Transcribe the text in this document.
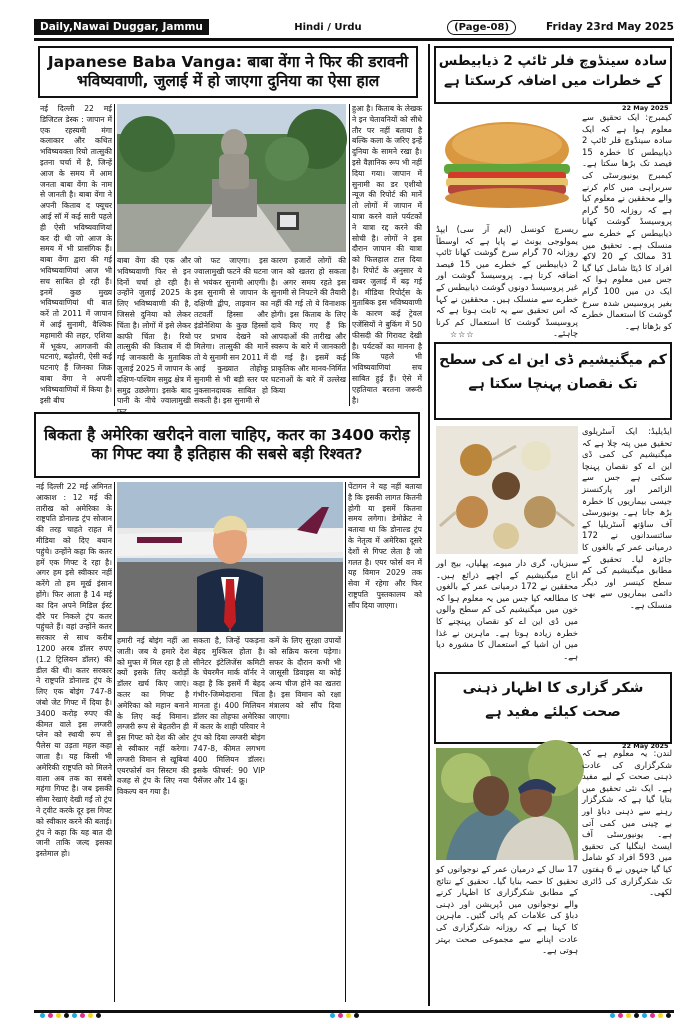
Daily,Nawai Duggar, Jammu	Hindi / Urdu	(Page-08)	Friday 23rd May 2025
Japanese Baba Vanga: बाबा वेंगा ने फिर की डरावनी भविष्यवाणी, जुलाई में हो जाएगा दुनिया का ऐसा हाल
नई दिल्ली 22 मई डिजिटल डेस्क : जापान में एक रहस्यमी मंगा कलाकार और कथित भविष्यवक्ता रियो तात्सुकी इतना चर्चा में है, जिन्हें आज के समय में आम जनता बाबा वेंगा के नाम से जानती है। बाबा वेंगा ने अपनी किताब द फ्यूचर आई सॉ में कई सारी पहले ही ऐसी भविष्यवाणियां कर दी थी जो आज के समय में भी प्रासंगिक हैं। बाबा वेंगा द्वारा की गई भविष्यवाणियां आज भी सच साबित हो रही हैं। इनमें कुछ मुख्य भविष्यवाणियां थी बात करें तो 2011 में जापान में आई सुनामी, वैश्विक महामारी की लहर, एशिया में भूकंप, आगजनी की घटनाएं, बढ़ोतरी, ऐसी कई घटनाएं हैं जिनका जिक्र बाबा वेंगा ने अपनी भविष्यवाणियों में किया है। इसी बीच
बाबा वेंगा की एक और भविष्यवाणी फिर से इन दिनों चर्चा हो रही है। उन्होंने जुलाई 2025 के लिए भविष्यवाणी की है, जिससे दुनिया को लेकर चिंता है। लोगों में इसे लेकर काफी चिंता है। रियो तात्सुकी की किताब में दी गई जानकारी के मुताबिक जुलाई 2025 में जापान के दक्षिण-पश्चिम समुद्र क्षेत्र में समुद्र उछलेगा। इसके बाद पानी के नीचे ज्वालामुखी फट
जो फट जाएगा। इस ज्वालामुखी फटने की घटना से भयंकर सुनामी आएगी। इस सुनामी से जापान के दक्षिणी द्वीप, ताइवान का तटवर्ती हिस्सा और इंडोनेशिया के कुछ हिस्सों पर प्रभाव देखने को मिलेगा। तात्सुकी की मानें तो ये सुनामी सन 2011 में आई कुख्यात तोहोकू सुनामी से भी बड़ी स्तर पर नुकसानदायक साबित हो सकती है। इस सुनामी से
कारण हजारों लोगों की जान को खतरा हो सकता है। अगर समय रहते इस सुनामी से निपटने की तैयारी नहीं की गई तो ये विनाशक होगी। इस किताब के लिए दावे किए गए हैं कि आपदाओं की तारीख और स्वरूप के बारे में जानकारी दी गई है। इसमें कई प्राकृतिक और मानव-निर्मित घटनाओं के बारे में उल्लेख किया
हुआ है। किताब के लेखक ने इन चेतावनियों को सीधे तौर पर नहीं बताया है बल्कि कला के जरिए इन्हें दुनिया के सामने रखा है। इसे वैज्ञानिक रूप भी नहीं दिया गया। जापान में सुनामी का डर एशीयो न्यूज की रिपोर्ट की मानें तो लोगों में जापान में यात्रा करने वाले पर्यटकों ने यात्रा रद्द करने की सोची है। लोगों ने इस दौरान जापान की यात्रा को फिलहाल टाल दिया है। रिपोर्ट के अनुसार ये खबर जुलाई में बढ़ गई है। मीडिया रिपोर्ट्स के मुताबिक इस भविष्यवाणी के कारण कई ट्रेवल एजेंसियों ने बुकिंग में 50 फीसदी की गिरावट देखी है। पर्यटकों का मानना है कि पहले भी भविष्यवाणियां सच साबित हुई हैं। ऐसे में एहतियात बरतना जरूरी है।
बिकता है अमेरिका खरीदने वाला चाहिए, कतर का 3400 करोड़ का गिफ्ट क्या है इतिहास की सबसे बड़ी रिश्वत?
नई दिल्ली 22 मई अमिनत आकाश : 12 मई की तारीख को अमेरिका के राष्ट्रपति डोनाल्ड ट्रंप सोजान की तरह चाहते राहत में मीडिया को दिए बयान पहुंचे। उन्होंने कहा कि कतर हमें एक गिफ्ट दे रहा है। अगर हम इसे स्वीकार नहीं करेंगे तो हम मूर्ख इंसान होंगे। फिर आता है 14 मई का दिन अपने मिडिल ईस्ट दौरे पर निकले ट्रंप कतर पहुंचते हैं। वहां उन्होंने कतर सरकार से साथ करीब 1200 अरब डॉलर रुपए (1.2 ट्रिलियन डॉलर) की डील की थी। कतर सरकार ने राष्ट्रपति डोनाल्ड ट्रंप के लिए एक बोइंग 747-8 जंबो जेट गिफ्ट में दिया है। 3400 करोड़ रुपए की कीमत वाले इस लग्जरी प्लेन को स्थायी रूप से पैलेस या उड़ता महल कहा जाता है। यह किसी भी अमेरिकी राष्ट्रपति को मिलने वाला अब तक का सबसे महंगा गिफ्ट है। जब इसकी सीमा रेखाएं देखी गईं तो ट्रंप ने ट्वीट करके दूर इस गिफ्ट को स्वीकार करने की बताई। ट्रंप ने कहा कि यह बात दी जानी ताकि जल्द इसका इस्तेमाल हो।
हमारी नई बोइंग नहीं आ जाती। जब ये हमारे देश को मुफ्त में मिल रहा है तो क्यों इसके लिए करोड़ों डॉलर खर्च किए जाएं। कतर का गिफ्ट है अमेरिका को महान बनाने के लिए कई विमान। लग्जरी रूप से बेहतरीन ही इस गिफ्ट को देश की ओर से स्वीकार नहीं करेगा। लग्जरी विमान से खूबियां एयरफोर्स वन सिस्टम की वजह से ट्रंप के लिए नया विकल्प बन गया है।
सकता है, जिन्हें पकड़ना बेहद मुश्किल होता है। सीनेटर इंटेलिजेंस कमिटी के चेयरमैन मार्क वॉर्नर ने कहा है कि इसमें मैं बेहद गंभीर-जिम्मेदाराना चिंता मानता हूं। 400 मिलियन डॉलर का तोहफा अमेरिका में कतर के शाही परिवार ने ट्रंप को दिया लग्जरी बोइंग 747-8, कीमत लगभग 400 मिलियन डॉलर। इसके फीचर्स: 90 VIP पैसेंजर और 14 क्रू।
कमें के लिए सुरक्षा उपायों को सक्रिय करना पड़ेगा। सफर के दौरान कभी भी जासूसी डिवाइस या कोई अन्य चीज होने का खतरा है। इस विमान को रक्षा मंत्रालय को सौंप दिया जाएगा।
पेंटागन ने यह नहीं बताया है कि इसकी लागत कितनी होगी या इसमें कितना समय लगेगा। डेमोक्रेट ने बताया था कि डोनाल्ड ट्रंप के नेतृत्व में अमेरिका दूसरे देशों से गिफ्ट लेता है जो गलत है। एयर फोर्स वन में यह विमान 2029 तक सेवा में रहेगा और फिर राष्ट्रपति पुस्तकालय को सौंप दिया जाएगा।
سادہ سینڈوچ فلر ٹائپ 2 ذیابیطس
کے خطرات میں اضافہ کرسکتا ہے
22 May 2025
کیمبرج: ایک تحقیق سے معلوم ہوا ہے کہ ایک سادہ سینڈوچ فلر ٹائپ 2 ذیابیطس کا خطرہ 15 فیصد تک بڑھا سکتا ہے۔ کیمبرج یونیورسٹی کی سربراہی میں کام کرنے والے محققین نے معلوم کیا ہے کہ روزانہ 50 گرام پروسیسڈ گوشت کھانا ذیابیطس کے خطرے سے منسلک ہے۔ تحقیق میں 31 ممالک کے 20 لاکھ افراد کا ڈیٹا شامل کیا گیا جس میں معلوم ہوا کہ ایک دن میں 100 گرام بغیر پروسیس شدہ سرخ گوشت کا استعمال خطرے کو بڑھاتا ہے۔
ریسرچ کونسل (ایم آر سی) ایپڈ یمولوجی یونٹ نے پایا ہے کہ اوسطاً روزانہ 70 گرام سرخ گوشت کھانا ٹائپ 2 ذیابیطس کے خطرے میں 15 فیصد اضافہ کرتا ہے۔ پروسیسڈ گوشت اور غیر پروسیسڈ دونوں گوشت ذیابیطس کے خطرے سے منسلک ہیں۔ محققین نے کہا کہ اس تحقیق سے یہ ثابت ہوتا ہے کہ پروسیسڈ گوشت کا استعمال کم کرنا چاہئے۔
☆☆☆
کم میگنیشیم ڈی این اے کی سطح
تک نقصان پہنچا سکتا ہے
ایڈیلیڈ: ایک آسٹریلوی تحقیق میں پتہ چلا ہے کہ میگنیشیم کی کمی ڈی این اے کو نقصان پہنچا سکتی ہے جس سے الزائمر اور پارکنسنز جیسی بیماریوں کا خطرہ بڑھ جاتا ہے۔ یونیورسٹی آف ساؤتھ آسٹریلیا کے سائنسدانوں نے 172 درمیانی عمر کے بالغوں کا جائزہ لیا۔ تحقیق کے مطابق میگنیشیم کی کم سطح کینسر اور دیگر دائمی بیماریوں سے بھی منسلک ہے۔
سبزیاں، گری دار میوے، پھلیاں، بیج اور اناج میگنیشیم کے اچھے ذرائع ہیں۔ محققین نے 172 درمیانی عمر کے بالغوں کا مطالعہ کیا جس میں یہ معلوم ہوا کہ خون میں میگنیشیم کی کم سطح والوں میں ڈی این اے کو نقصان پہنچنے کا خطرہ زیادہ ہوتا ہے۔ ماہرین نے غذا میں ان اشیا کے استعمال کا مشورہ دیا ہے۔
شکر گزاری کا اظہار ذہنی
صحت کیلئے مفید ہے
22 May 2025
لندن: یہ معلوم ہے کہ شکرگزاری کی عادت ذہنی صحت کے لیے مفید ہے۔ ایک نئی تحقیق میں بتایا گیا ہے کہ شکرگزار رہنے سے ذہنی دباؤ اور بے چینی میں کمی آتی ہے۔ یونیورسٹی آف ایسٹ اینگلیا کی تحقیق میں 593 افراد کو شامل کیا گیا جنہوں نے 6 ہفتوں تک شکرگزاری کی ڈائری لکھی۔
17 سال کے درمیان عمر کے نوجوانوں کو تحقیق کا حصہ بنایا گیا۔ تحقیق کے نتائج کے مطابق شکرگزاری کا اظہار کرنے والے نوجوانوں میں ڈپریشن اور ذہنی دباؤ کی علامات کم پائی گئیں۔ ماہرین کا کہنا ہے کہ روزانہ شکرگزاری کی عادت اپنانے سے مجموعی صحت بہتر ہوتی ہے۔
